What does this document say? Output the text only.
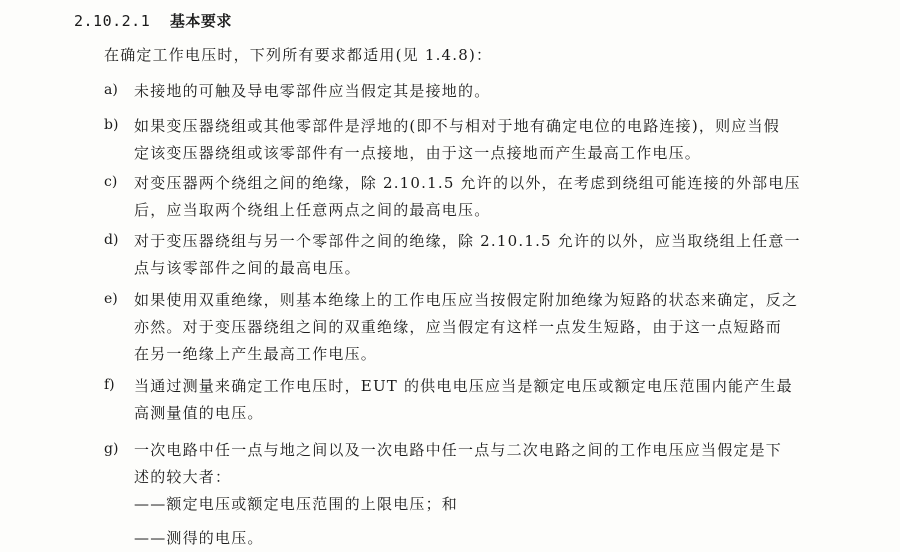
2.10.2.1 基本要求
在确定工作电压时，下列所有要求都适用(见 1.4.8)：
a) 未接地的可触及导电零部件应当假定其是接地的。
b) 如果变压器绕组或其他零部件是浮地的(即不与相对于地有确定电位的电路连接)，则应当假
定该变压器绕组或该零部件有一点接地，由于这一点接地而产生最高工作电压。
c) 对变压器两个绕组之间的绝缘，除 2.10.1.5 允许的以外，在考虑到绕组可能连接的外部电压
后，应当取两个绕组上任意两点之间的最高电压。
d) 对于变压器绕组与另一个零部件之间的绝缘，除 2.10.1.5 允许的以外，应当取绕组上任意一
点与该零部件之间的最高电压。
e) 如果使用双重绝缘，则基本绝缘上的工作电压应当按假定附加绝缘为短路的状态来确定，反之
亦然。对于变压器绕组之间的双重绝缘，应当假定有这样一点发生短路，由于这一点短路而
在另一绝缘上产生最高工作电压。
f) 当通过测量来确定工作电压时，EUT 的供电电压应当是额定电压或额定电压范围内能产生最
高测量值的电压。
g) 一次电路中任一点与地之间以及一次电路中任一点与二次电路之间的工作电压应当假定是下
述的较大者：
——额定电压或额定电压范围的上限电压；和
——测得的电压。
